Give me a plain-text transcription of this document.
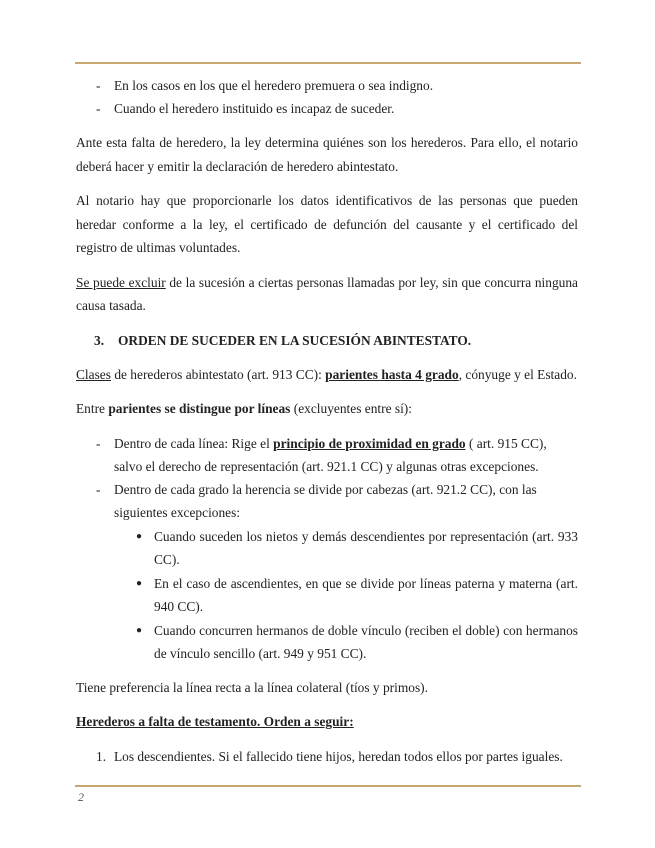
-	En los casos en los que el heredero premuera o sea indigno.
-	Cuando el heredero instituido es incapaz de suceder.

Ante esta falta de heredero, la ley determina quiénes son los herederos. Para ello, el notario deberá hacer y emitir la declaración de heredero abintestato.

Al notario hay que proporcionarle los datos identificativos de las personas que pueden heredar conforme a la ley, el certificado de defunción del causante y el certificado del registro de ultimas voluntades.

Se puede excluir de la sucesión a ciertas personas llamadas por ley, sin que concurra ninguna causa tasada.

3. ORDEN DE SUCEDER EN LA SUCESIÓN ABINTESTATO.

Clases de herederos abintestato (art. 913 CC): parientes hasta 4 grado, cónyuge y el Estado.

Entre parientes se distingue por líneas (excluyentes entre sí):

-	Dentro de cada línea: Rige el principio de proximidad en grado ( art. 915 CC), salvo el derecho de representación (art. 921.1 CC) y algunas otras excepciones.
-	Dentro de cada grado la herencia se divide por cabezas (art. 921.2 CC), con las siguientes excepciones:
● Cuando suceden los nietos y demás descendientes por representación (art. 933 CC).
● En el caso de ascendientes, en que se divide por líneas paterna y materna (art. 940 CC).
● Cuando concurren hermanos de doble vínculo (reciben el doble) con hermanos de vínculo sencillo (art. 949 y 951 CC).

Tiene preferencia la línea recta a la línea colateral (tíos y primos).

Herederos a falta de testamento. Orden a seguir:

1. Los descendientes. Si el fallecido tiene hijos, heredan todos ellos por partes iguales.
2
